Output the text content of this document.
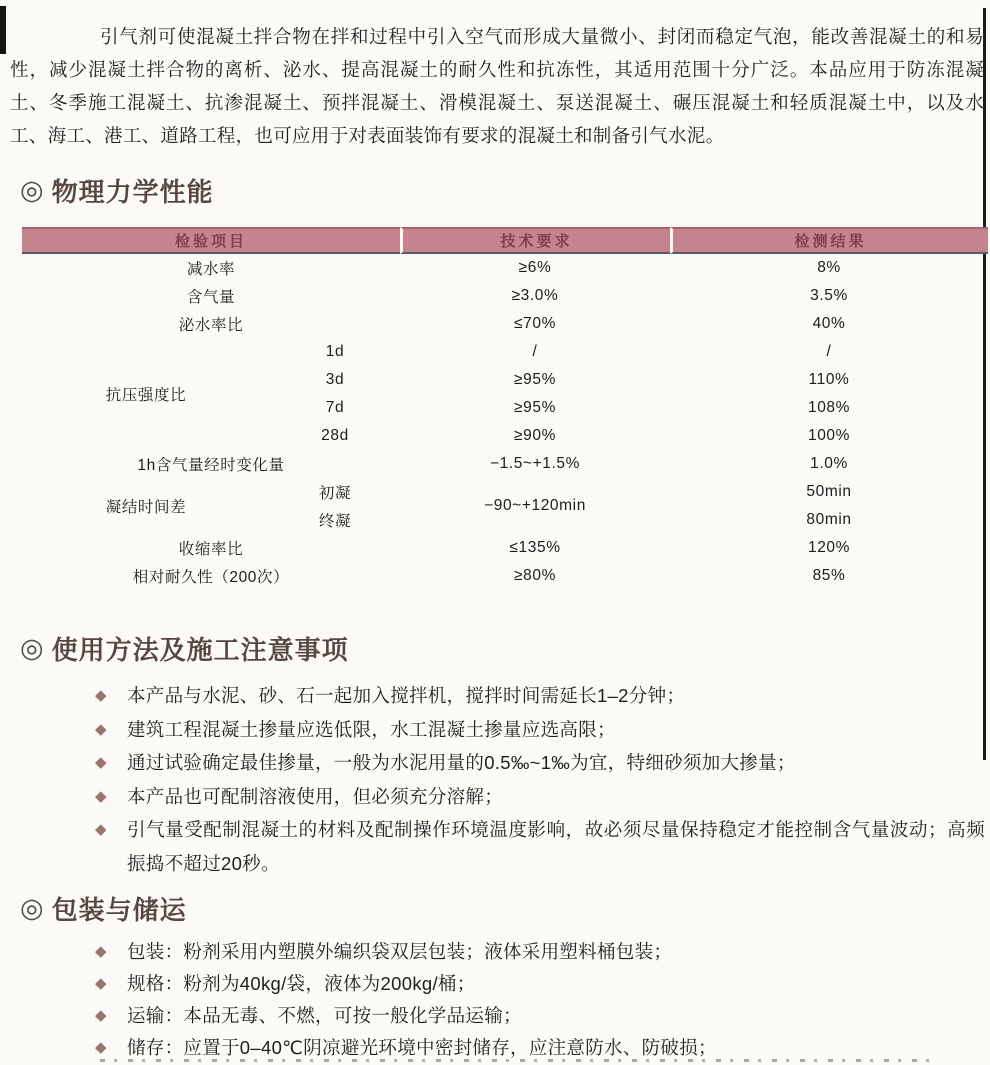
引气剂可使混凝土拌合物在拌和过程中引入空气而形成大量微小、封闭而稳定气泡，能改善混凝土的和易性，减少混凝土拌合物的离析、泌水、提高混凝土的耐久性和抗冻性，其适用范围十分广泛。本品应用于防冻混凝土、冬季施工混凝土、抗渗混凝土、预拌混凝土、滑模混凝土、泵送混凝土、碾压混凝土和轻质混凝土中，以及水工、海工、港工、道路工程，也可应用于对表面装饰有要求的混凝土和制备引气水泥。

◎ 物理力学性能
检验项目		技术要求	检测结果
减水率		≥6%	8%
含气量		≥3.0%	3.5%
泌水率比		≤70%	40%
抗压强度比	1d	/	/
	3d	≥95%	110%
	7d	≥95%	108%
	28d	≥90%	100%
1h含气量经时变化量		−1.5~+1.5%	1.0%
凝结时间差	初凝	−90~+120min	50min
	终凝		80min
收缩率比		≤135%	120%
相对耐久性（200次）		≥80%	85%
◎ 使用方法及施工注意事项
◆	本产品与水泥、砂、石一起加入搅拌机，搅拌时间需延长1–2分钟；
◆	建筑工程混凝土掺量应选低限，水工混凝土掺量应选高限；
◆	通过试验确定最佳掺量，一般为水泥用量的0.5‰~1‰为宜，特细砂须加大掺量；
◆	本产品也可配制溶液使用，但必须充分溶解；
◆	引气量受配制混凝土的材料及配制操作环境温度影响，故必须尽量保持稳定才能控制含气量波动；高频振捣不超过20秒。
◎ 包装与储运
◆	包装：粉剂采用内塑膜外编织袋双层包装；液体采用塑料桶包装；
◆	规格：粉剂为40kg/袋，液体为200kg/桶；
◆	运输：本品无毒、不燃，可按一般化学品运输；
◆	储存：应置于0–40℃阴凉避光环境中密封储存，应注意防水、防破损；
